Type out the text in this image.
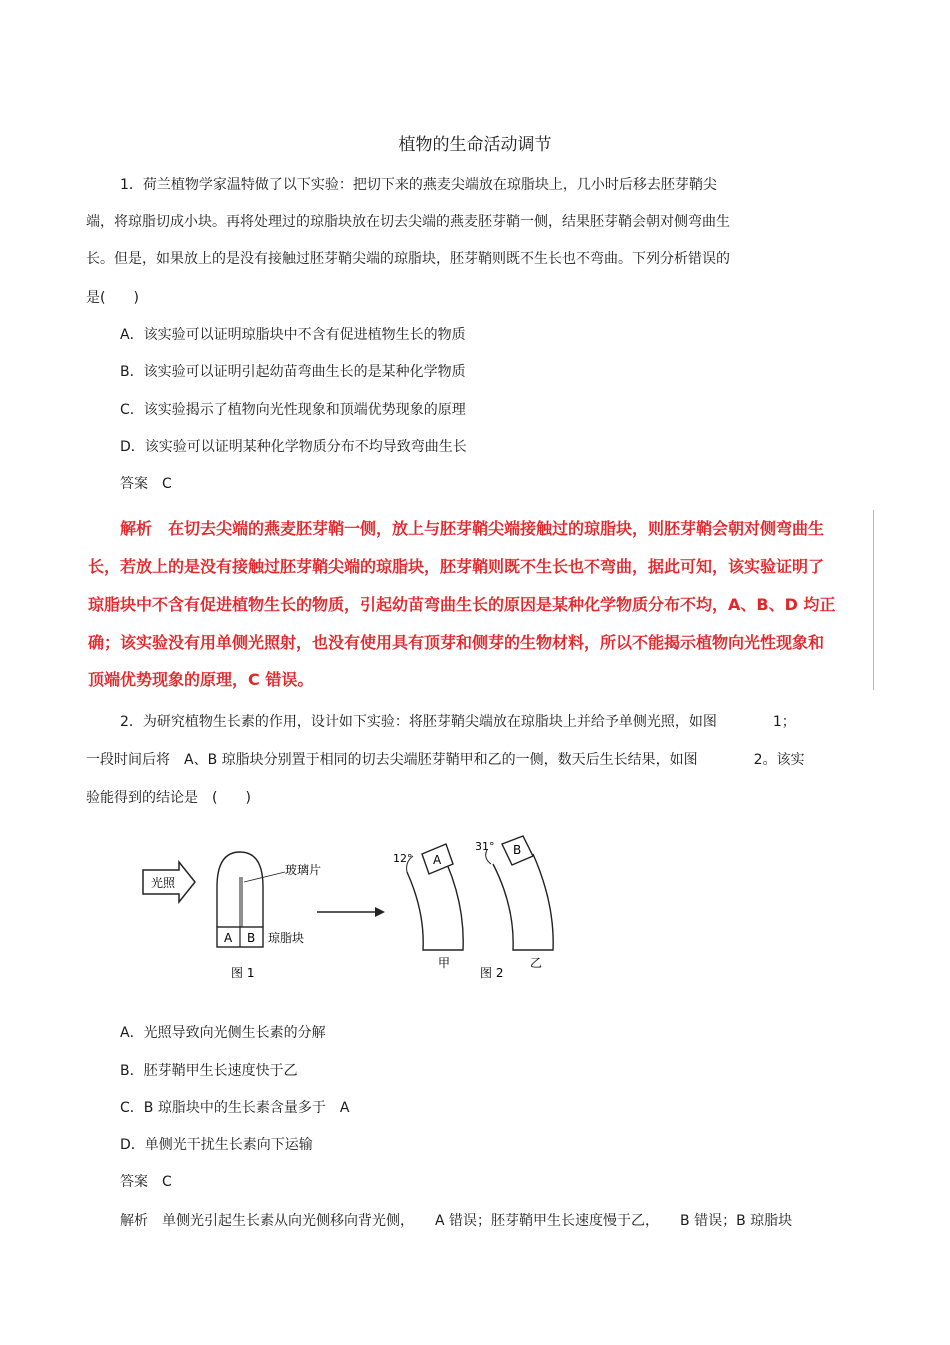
植物的生命活动调节
1．荷兰植物学家温特做了以下实验：把切下来的燕麦尖端放在琼脂块上，几小时后移去胚芽鞘尖
端，将琼脂切成小块。再将处理过的琼脂块放在切去尖端的燕麦胚芽鞘一侧，结果胚芽鞘会朝对侧弯曲生
长。但是，如果放上的是没有接触过胚芽鞘尖端的琼脂块，胚芽鞘则既不生长也不弯曲。下列分析错误的
是(　　)
A．该实验可以证明琼脂块中不含有促进植物生长的物质
B．该实验可以证明引起幼苗弯曲生长的是某种化学物质
C．该实验揭示了植物向光性现象和顶端优势现象的原理
D．该实验可以证明某种化学物质分布不均导致弯曲生长
答案　C
解析　在切去尖端的燕麦胚芽鞘一侧，放上与胚芽鞘尖端接触过的琼脂块，则胚芽鞘会朝对侧弯曲生
长，若放上的是没有接触过胚芽鞘尖端的琼脂块，胚芽鞘则既不生长也不弯曲，据此可知，该实验证明了
琼脂块中不含有促进植物生长的物质，引起幼苗弯曲生长的原因是某种化学物质分布不均，A、B、D 均正
确；该实验没有用单侧光照射，也没有使用具有顶芽和侧芽的生物材料，所以不能揭示植物向光性现象和
顶端优势现象的原理，C 错误。
2．为研究植物生长素的作用，设计如下实验：将胚芽鞘尖端放在琼脂块上并给予单侧光照，如图　　　　1；
一段时间后将　A、B 琼脂块分别置于相同的切去尖端胚芽鞘甲和乙的一侧，数天后生长结果，如图　　　　2。该实
验能得到的结论是　(　　)
光照
玻璃片
A B 琼脂块
图 1
12° A
甲
31° B
图 2
乙
A．光照导致向光侧生长素的分解
B．胚芽鞘甲生长速度快于乙
C．B 琼脂块中的生长素含量多于　A
D．单侧光干扰生长素向下运输
答案　C
解析　单侧光引起生长素从向光侧移向背光侧，　　A 错误；胚芽鞘甲生长速度慢于乙，　　B 错误；B 琼脂块
